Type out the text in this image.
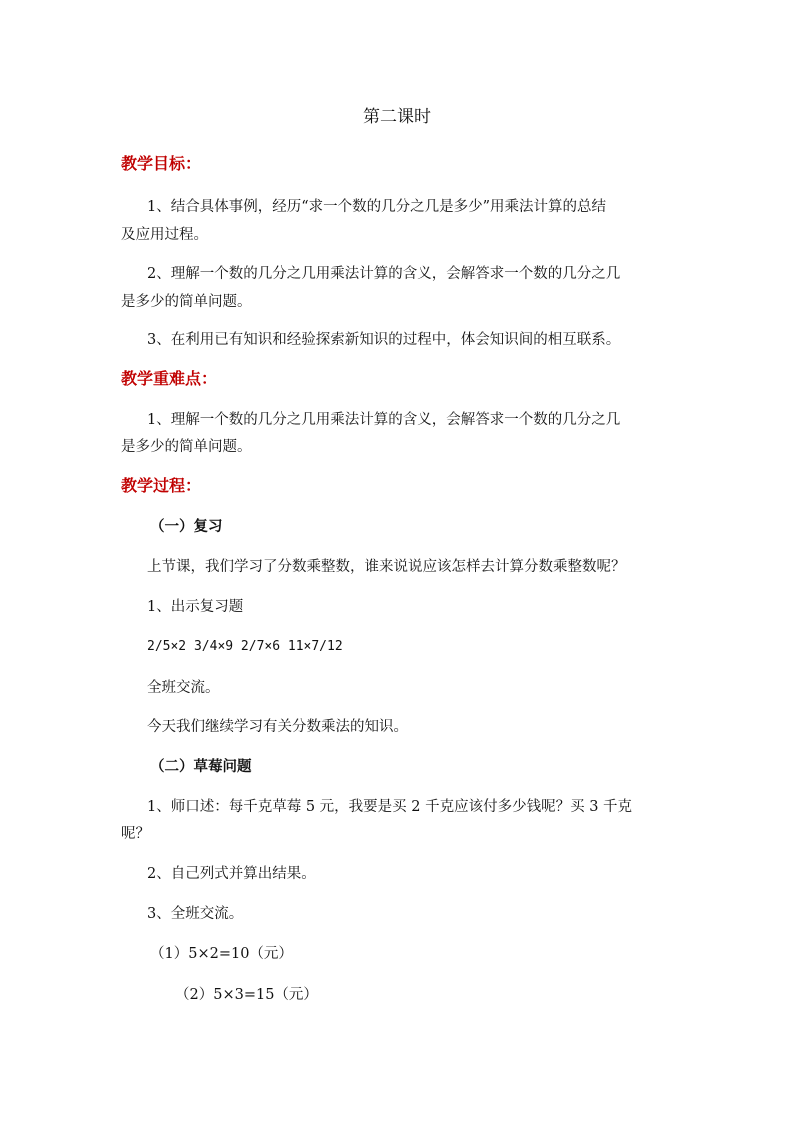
第二课时
教学目标：
1、结合具体事例，经历“求一个数的几分之几是多少”用乘法计算的总结
及应用过程。
2、理解一个数的几分之几用乘法计算的含义，会解答求一个数的几分之几
是多少的简单问题。
3、在利用已有知识和经验探索新知识的过程中，体会知识间的相互联系。
教学重难点：
1、理解一个数的几分之几用乘法计算的含义，会解答求一个数的几分之几
是多少的简单问题。
教学过程：
（一）复习
上节课，我们学习了分数乘整数，谁来说说应该怎样去计算分数乘整数呢？
1、出示复习题
2/5×2 3/4×9 2/7×6 11×7/12
全班交流。
今天我们继续学习有关分数乘法的知识。
（二）草莓问题
1、师口述：每千克草莓 5 元，我要是买 2 千克应该付多少钱呢？买 3 千克
呢？
2、自己列式并算出结果。
3、全班交流。
（1）5×2=10（元）
（2）5×3=15（元）
